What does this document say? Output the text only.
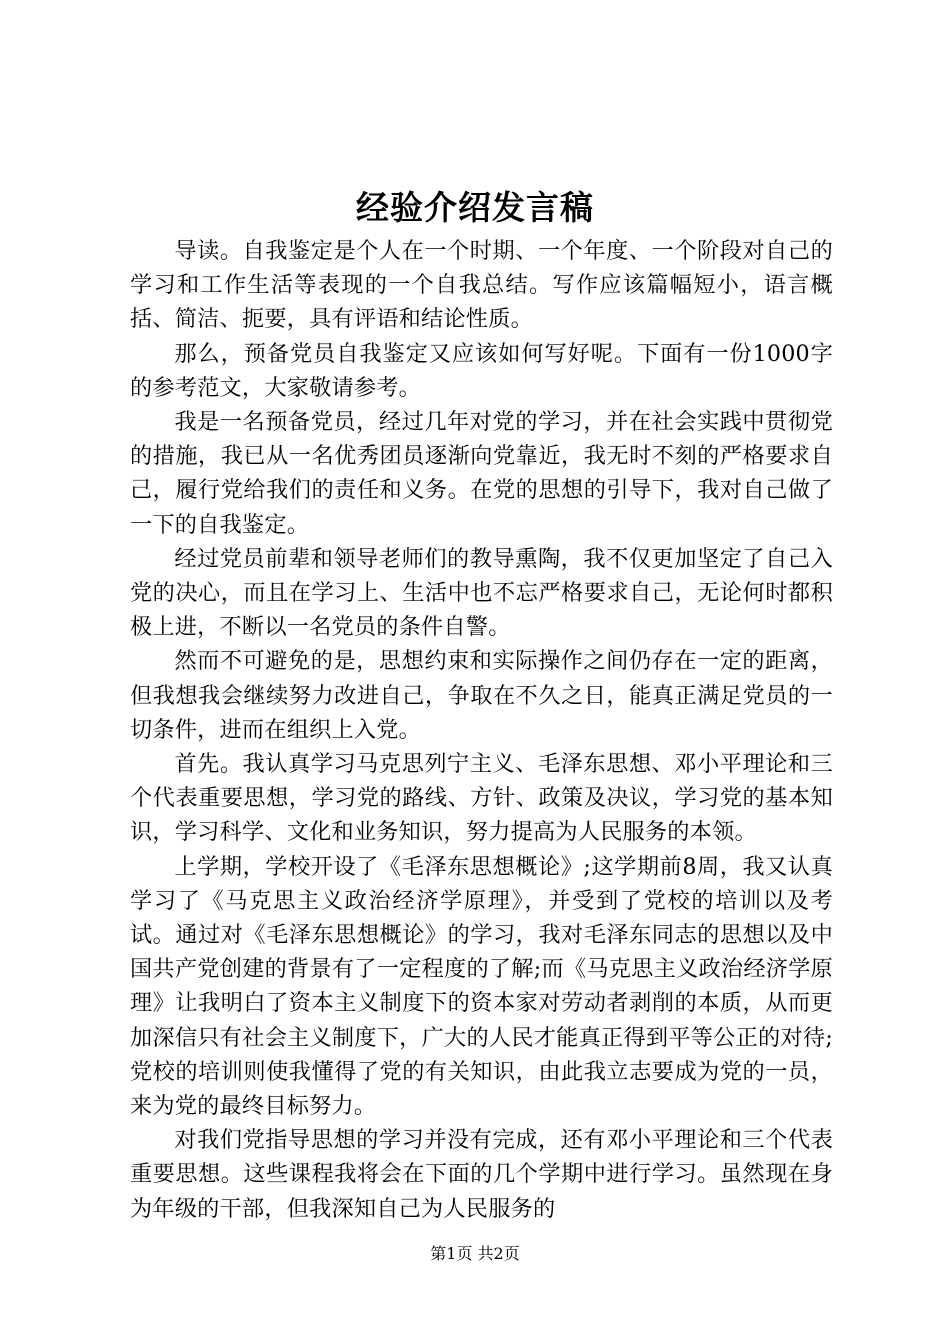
经验介绍发言稿

导读。自我鉴定是个人在一个时期、一个年度、一个阶段对自己的学习和工作生活等表现的一个自我总结。写作应该篇幅短小，语言概括、简洁、扼要，具有评语和结论性质。

那么，预备党员自我鉴定又应该如何写好呢。下面有一份1000字的参考范文，大家敬请参考。

我是一名预备党员，经过几年对党的学习，并在社会实践中贯彻党的措施，我已从一名优秀团员逐渐向党靠近，我无时不刻的严格要求自己，履行党给我们的责任和义务。在党的思想的引导下，我对自己做了一下的自我鉴定。

经过党员前辈和领导老师们的教导熏陶，我不仅更加坚定了自己入党的决心，而且在学习上、生活中也不忘严格要求自己，无论何时都积极上进，不断以一名党员的条件自警。

然而不可避免的是，思想约束和实际操作之间仍存在一定的距离，但我想我会继续努力改进自己，争取在不久之日，能真正满足党员的一切条件，进而在组织上入党。

首先。我认真学习马克思列宁主义、毛泽东思想、邓小平理论和三个代表重要思想，学习党的路线、方针、政策及决议，学习党的基本知识，学习科学、文化和业务知识，努力提高为人民服务的本领。

上学期，学校开设了《毛泽东思想概论》;这学期前8周，我又认真学习了《马克思主义政治经济学原理》，并受到了党校的培训以及考试。通过对《毛泽东思想概论》的学习，我对毛泽东同志的思想以及中国共产党创建的背景有了一定程度的了解;而《马克思主义政治经济学原理》让我明白了资本主义制度下的资本家对劳动者剥削的本质，从而更加深信只有社会主义制度下，广大的人民才能真正得到平等公正的对待;党校的培训则使我懂得了党的有关知识，由此我立志要成为党的一员，来为党的最终目标努力。

对我们党指导思想的学习并没有完成，还有邓小平理论和三个代表重要思想。这些课程我将会在下面的几个学期中进行学习。虽然现在身为年级的干部，但我深知自己为人民服务的

第1页 共2页
